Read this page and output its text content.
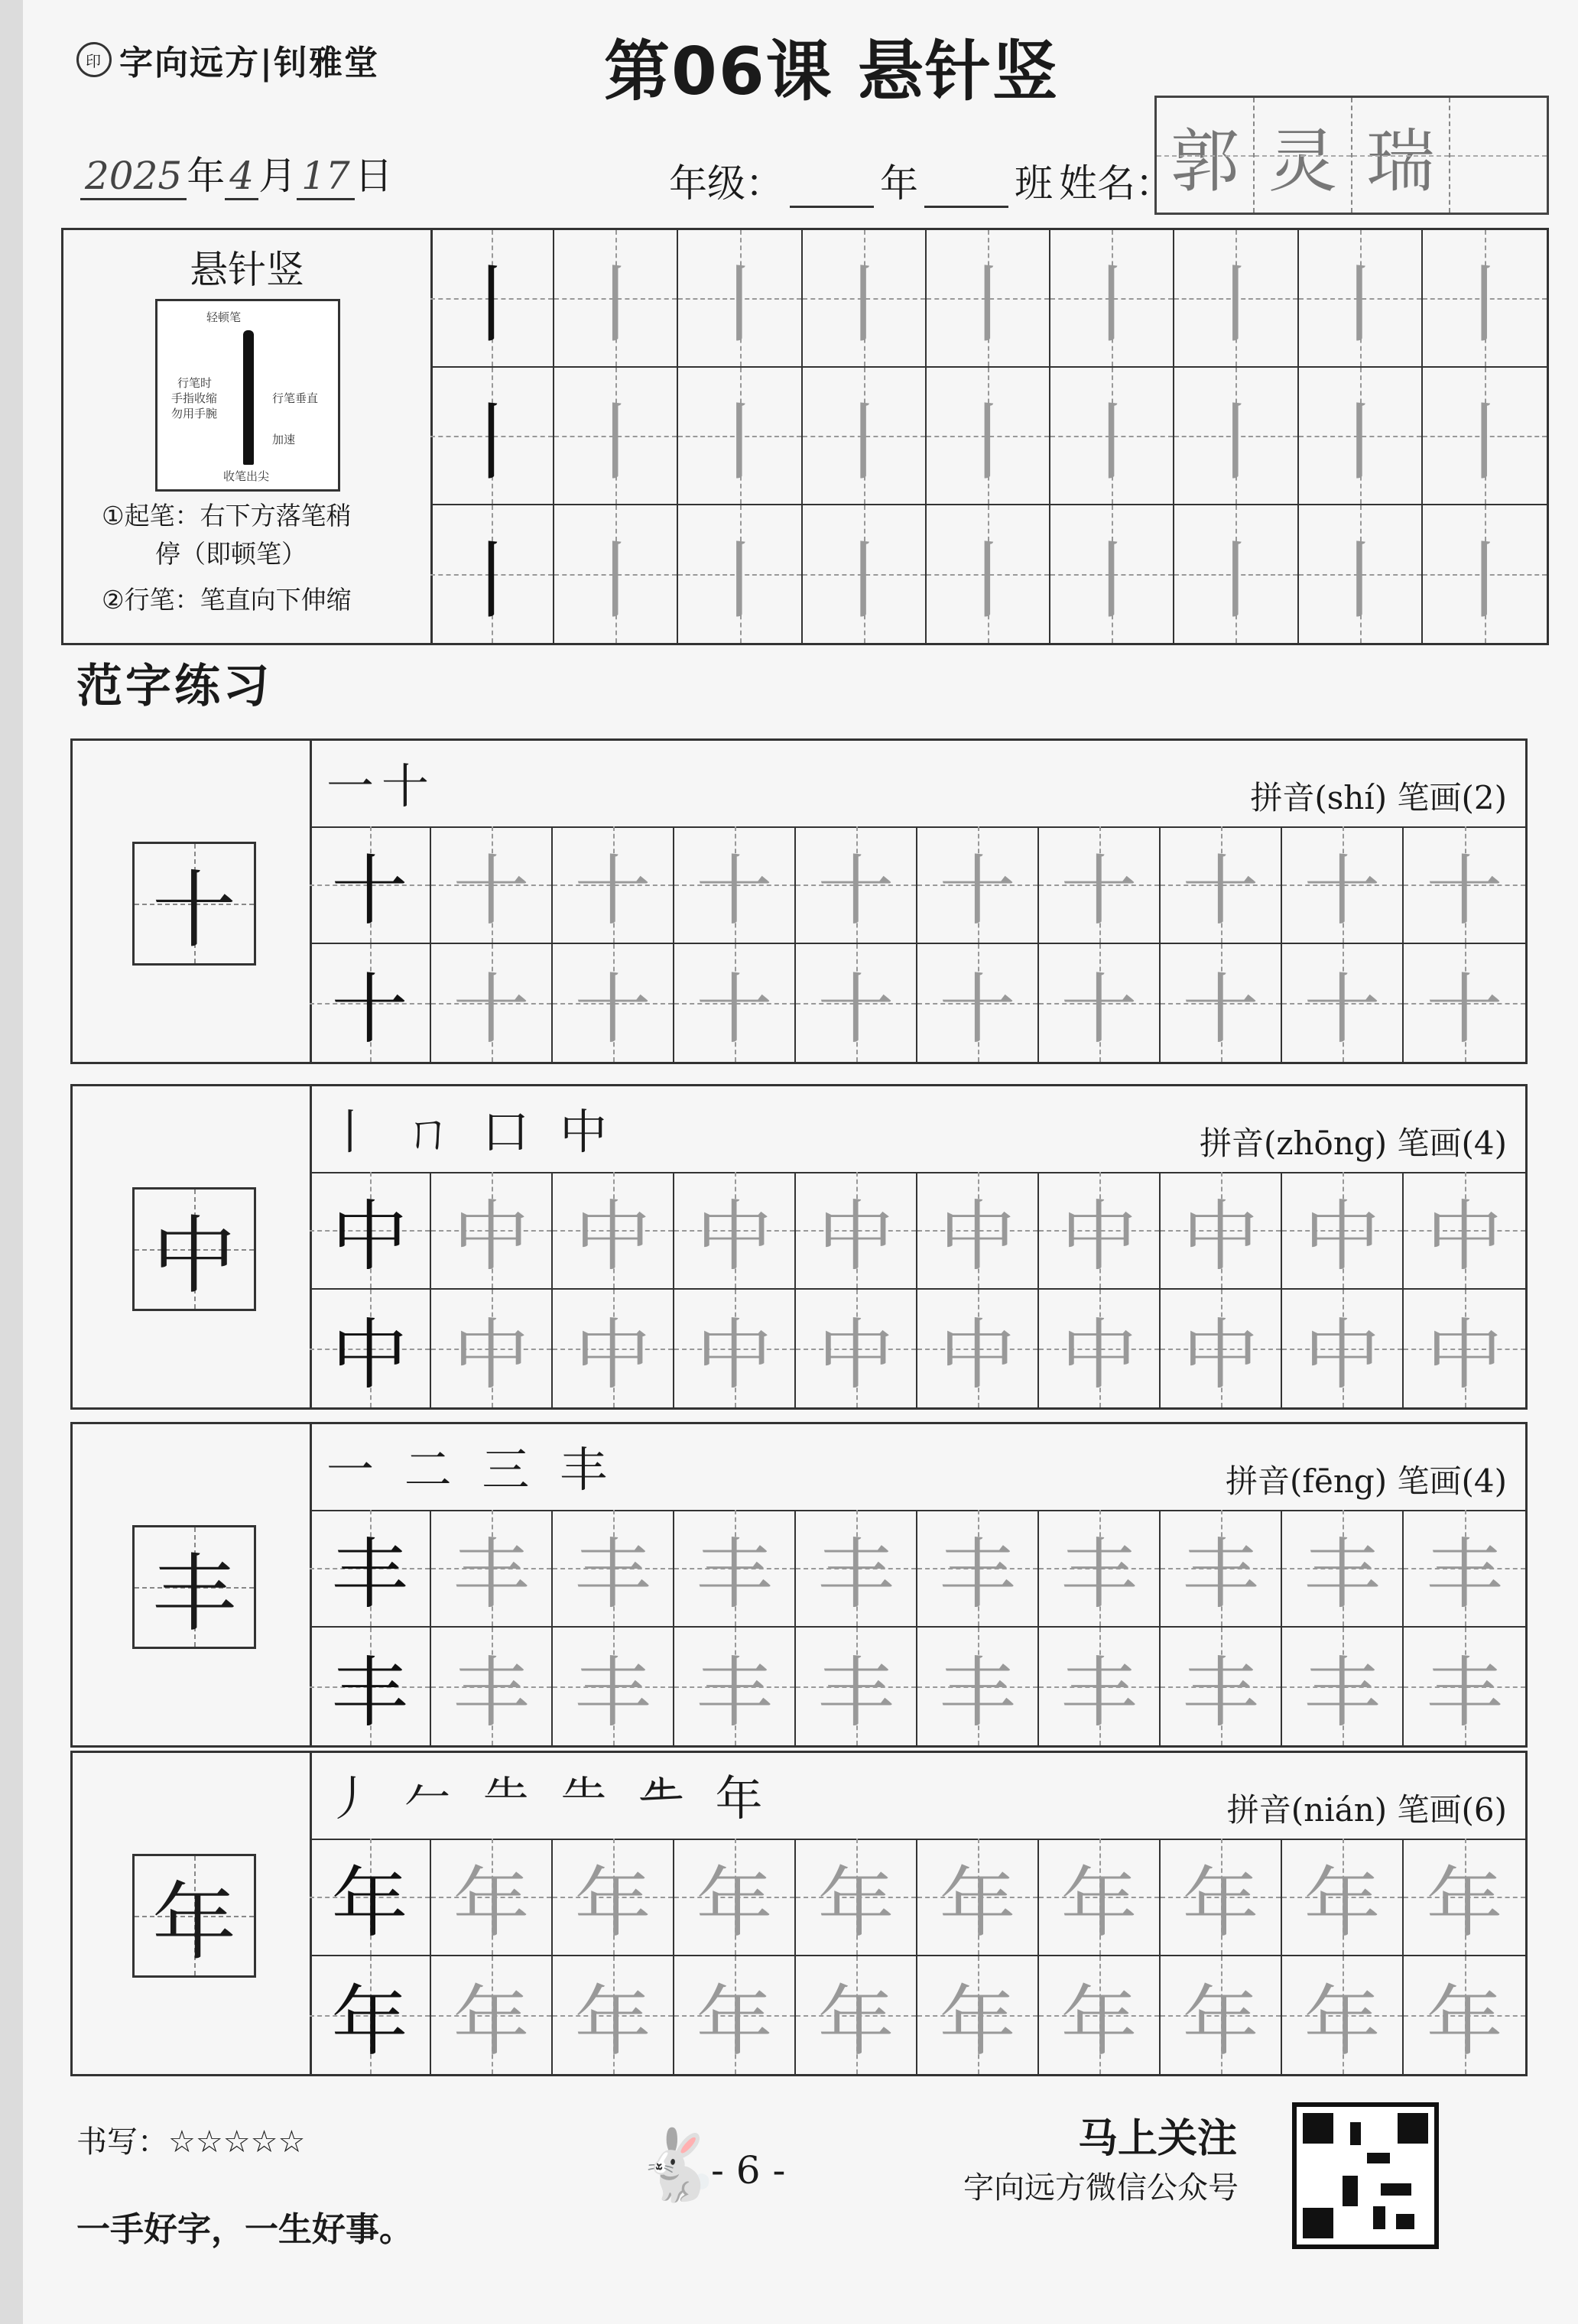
印 字向远方|钊雅堂	第06课 悬针竖
2025 年 4 月 17 日	年级：	年	班 姓名：
郭 灵 瑞
悬针竖
轻顿笔
行笔时
手指收缩
勿用手腕
行笔垂直
加速
收笔出尖
①起笔：右下方落笔稍
停（即顿笔）
②行笔：笔直向下伸缩
丨 丨 丨 丨 丨 丨 丨 丨 丨
丨 丨 丨 丨 丨 丨 丨 丨 丨
丨 丨 丨 丨 丨 丨 丨 丨 丨
范字练习
十
一十	拼音(shí) 笔画(2)
十 十 十 十 十 十 十 十 十 十
十 十 十 十 十 十 十 十 十 十
中
丨 ㄇ 口 中	拼音(zhōng) 笔画(4)
中 中 中 中 中 中 中 中 中 中
中 中 中 中 中 中 中 中 中 中
丰
一 二 三 丰	拼音(fēng) 笔画(4)
丰 丰 丰 丰 丰 丰 丰 丰 丰 丰
丰 丰 丰 丰 丰 丰 丰 丰 丰 丰
年
丿 𠂉 ⺧ ⺧ 𠂒 年	拼音(nián) 笔画(6)
年 年 年 年 年 年 年 年 年 年
年 年 年 年 年 年 年 年 年 年
书写：☆☆☆☆☆
一手好字，一生好事。
🐇
- 6 -
马上关注
字向远方微信公众号
